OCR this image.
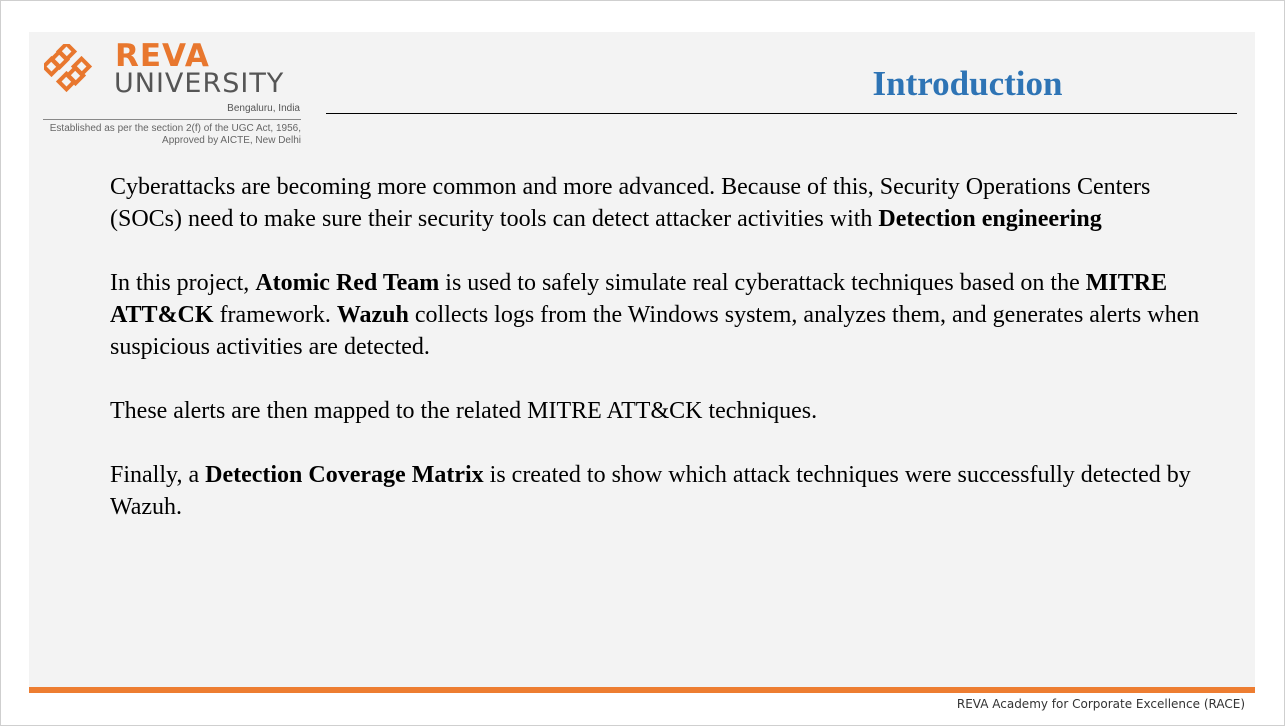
REVA
UNIVERSITY
Bengaluru, India
Established as per the section 2(f) of the UGC Act, 1956,
Approved by AICTE, New Delhi
Introduction

Cyberattacks are becoming more common and more advanced. Because of this, Security Operations Centers (SOCs) need to make sure their security tools can detect attacker activities with Detection engineering

In this project, Atomic Red Team is used to safely simulate real cyberattack techniques based on the MITRE ATT&CK framework. Wazuh collects logs from the Windows system, analyzes them, and generates alerts when suspicious activities are detected.

These alerts are then mapped to the related MITRE ATT&CK techniques.

Finally, a Detection Coverage Matrix is created to show which attack techniques were successfully detected by Wazuh.

REVA Academy for Corporate Excellence (RACE)
